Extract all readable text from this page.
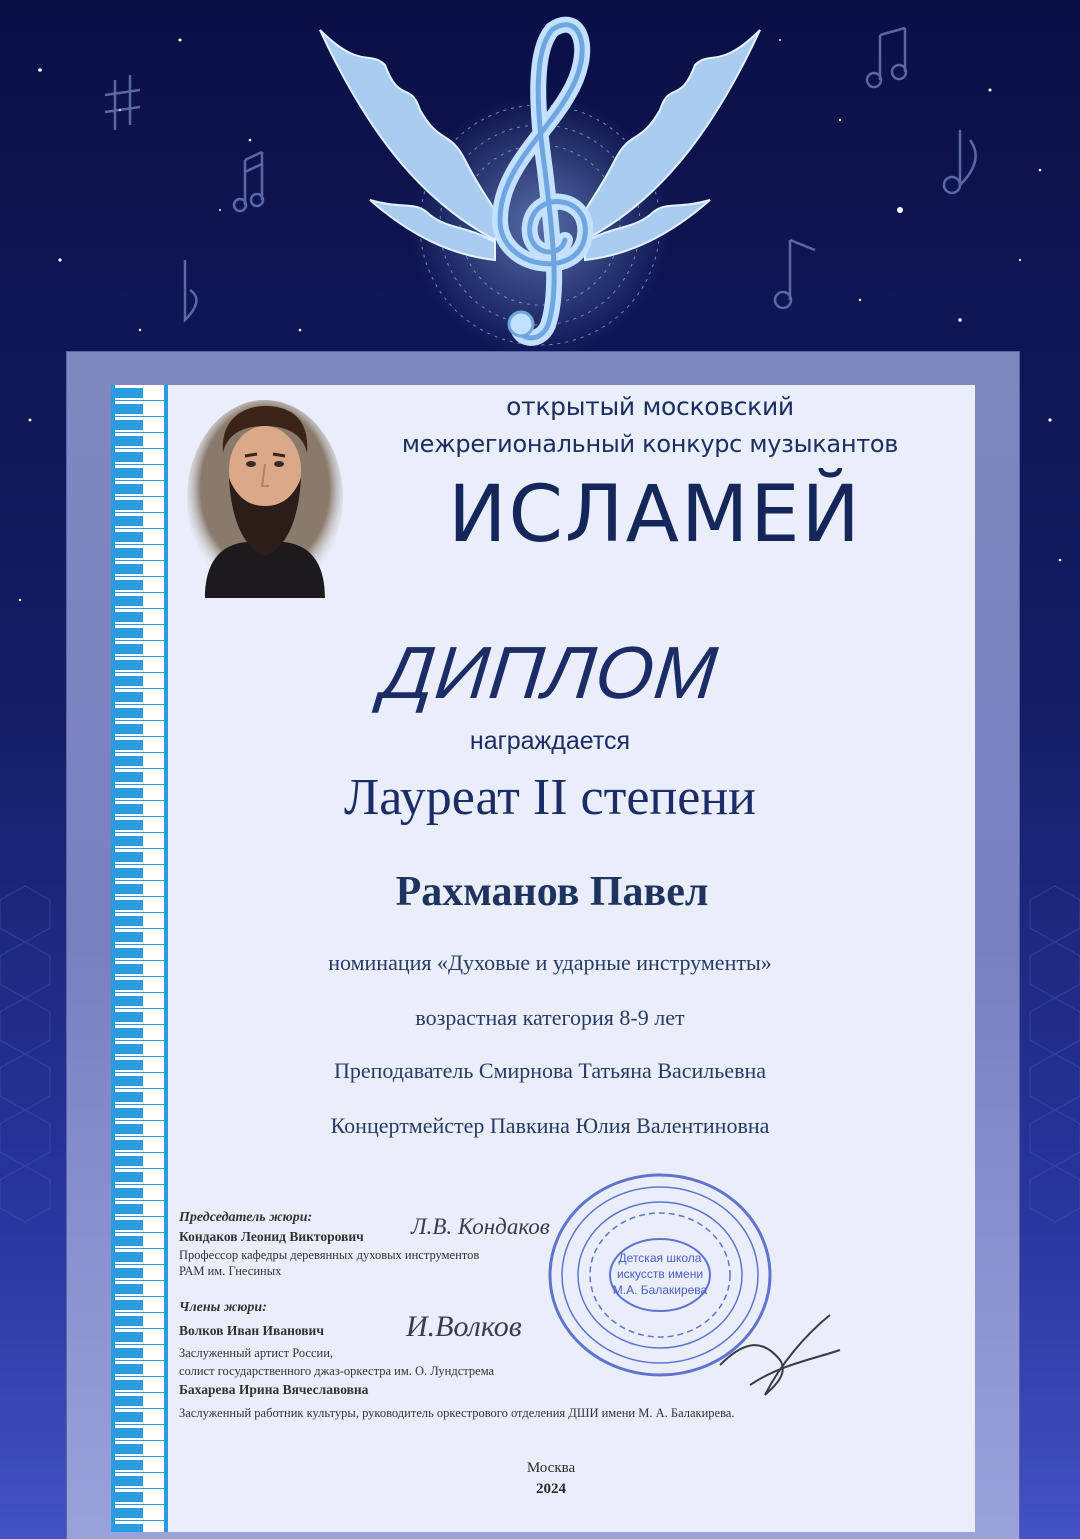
открытый московский

межрегиональный конкурс музыкантов

ИСЛАМЕЙ

ДИПЛОМ

награждается

Лауреат II степени

Рахманов Павел

номинация «Духовые и ударные инструменты»

возрастная категория 8-9 лет

Преподаватель Смирнова Татьяна Васильевна

Концертмейстер Павкина Юлия Валентиновна

Детская школа
искусств имени
М.А. Балакирева

Председатель жюри:

Кондаков Леонид Викторович

Профессор кафедры деревянных духовых инструментов

РАМ им. Гнесиных

Члены жюри:

Волков Иван Иванович

Заслуженный артист России,

солист государственного джаз-оркестра им. О. Лундстрема

Бахарева Ирина Вячеславовна

Заслуженный работник культуры, руководитель оркестрового отделения ДШИ имени М. А. Балакирева.

Л.В. Кондаков
И.Волков

Москва

2024
